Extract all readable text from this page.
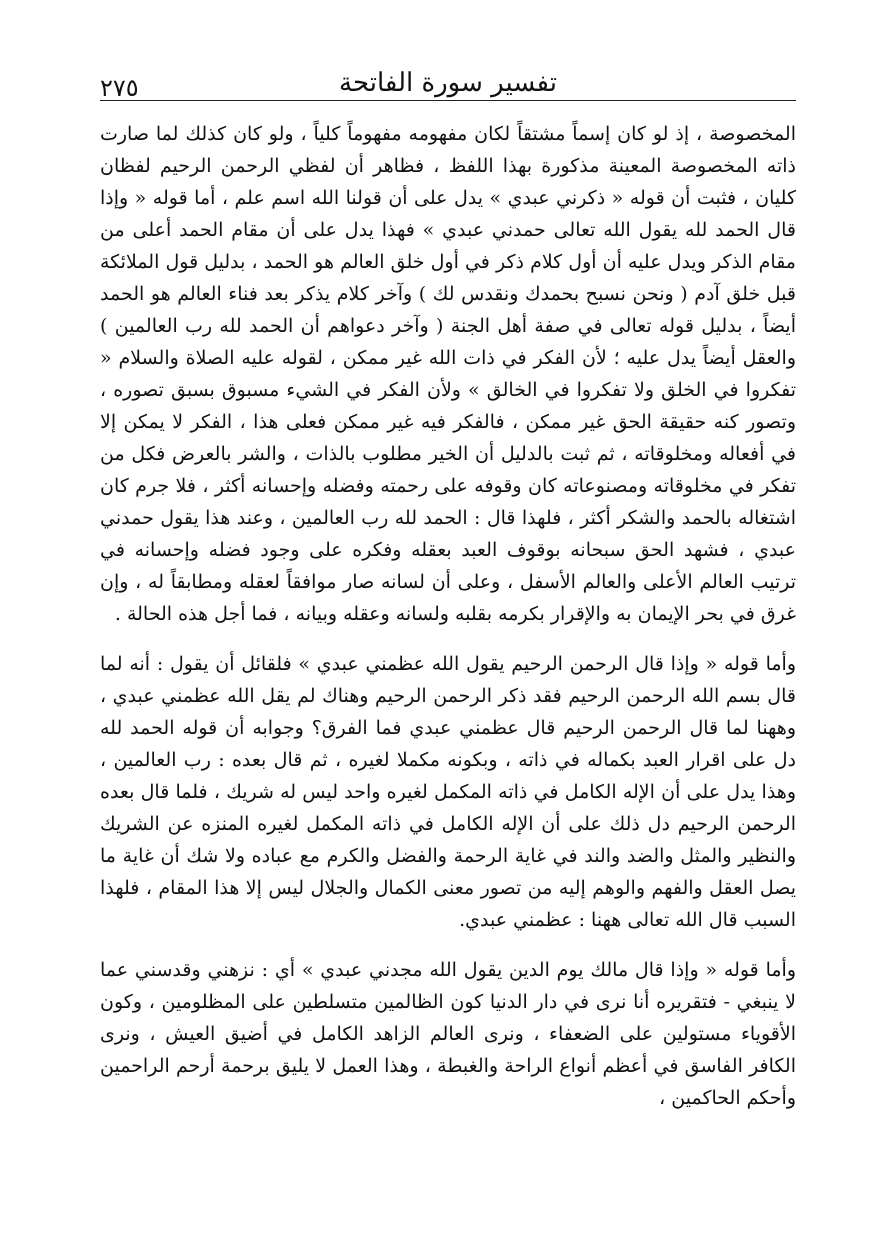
٢٧٥	تفسير سورة الفاتحة

المخصوصة ، إذ لو كان إسماً مشتقاً لكان مفهومه مفهوماً كلياً ، ولو كان كذلك لما صارت ذاته المخصوصة المعينة مذكورة بهذا اللفظ ، فظاهر أن لفظي الرحمن الرحيم لفظان كليان ، فثبت أن قوله « ذكرني عبدي » يدل على أن قولنا الله اسم علم ، أما قوله « وإذا قال الحمد لله يقول الله تعالى حمدني عبدي » فهذا يدل على أن مقام الحمد أعلى من مقام الذكر ويدل عليه أن أول كلام ذكر في أول خلق العالم هو الحمد ، بدليل قول الملائكة قبل خلق آدم ( ونحن نسبح بحمدك ونقدس لك ) وآخر كلام يذكر بعد فناء العالم هو الحمد أيضاً ، بدليل قوله تعالى في صفة أهل الجنة ( وآخر دعواهم أن الحمد لله رب العالمين ) والعقل أيضاً يدل عليه ؛ لأن الفكر في ذات الله غير ممكن ، لقوله عليه الصلاة والسلام « تفكروا في الخلق ولا تفكروا في الخالق » ولأن الفكر في الشيء مسبوق بسبق تصوره ، وتصور كنه حقيقة الحق غير ممكن ، فالفكر فيه غير ممكن فعلى هذا ، الفكر لا يمكن إلا في أفعاله ومخلوقاته ، ثم ثبت بالدليل أن الخير مطلوب بالذات ، والشر بالعرض فكل من تفكر في مخلوقاته ومصنوعاته كان وقوفه على رحمته وفضله وإحسانه أكثر ، فلا جرم كان اشتغاله بالحمد والشكر أكثر ، فلهذا قال : الحمد لله رب العالمين ، وعند هذا يقول حمدني عبدي ، فشهد الحق سبحانه بوقوف العبد بعقله وفكره على وجود فضله وإحسانه في ترتيب العالم الأعلى والعالم الأسفل ، وعلى أن لسانه صار موافقاً لعقله ومطابقاً له ، وإن غرق في بحر الإيمان به والإقرار بكرمه بقلبه ولسانه وعقله وبيانه ، فما أجل هذه الحالة .

وأما قوله « وإذا قال الرحمن الرحيم يقول الله عظمني عبدي » فلقائل أن يقول : أنه لما قال بسم الله الرحمن الرحيم فقد ذكر الرحمن الرحيم وهناك لم يقل الله عظمني عبدي ، وههنا لما قال الرحمن الرحيم قال عظمني عبدي فما الفرق؟ وجوابه أن قوله الحمد لله دل على اقرار العبد بكماله في ذاته ، وبكونه مكملا لغيره ، ثم قال بعده : رب العالمين ، وهذا يدل على أن الإله الكامل في ذاته المكمل لغيره واحد ليس له شريك ، فلما قال بعده الرحمن الرحيم دل ذلك على أن الإله الكامل في ذاته المكمل لغيره المنزه عن الشريك والنظير والمثل والضد والند في غاية الرحمة والفضل والكرم مع عباده ولا شك أن غاية ما يصل العقل والفهم والوهم إليه من تصور معنى الكمال والجلال ليس إلا هذا المقام ، فلهذا السبب قال الله تعالى ههنا : عظمني عبدي.

وأما قوله « وإذا قال مالك يوم الدين يقول الله مجدني عبدي » أي : نزهني وقدسني عما لا ينبغي - فتقريره أنا نرى في دار الدنيا كون الظالمين متسلطين على المظلومين ، وكون الأقوياء مستولين على الضعفاء ، ونرى العالم الزاهد الكامل في أضيق العيش ، ونرى الكافر الفاسق في أعظم أنواع الراحة والغبطة ، وهذا العمل لا يليق برحمة أرحم الراحمين وأحكم الحاكمين ،
